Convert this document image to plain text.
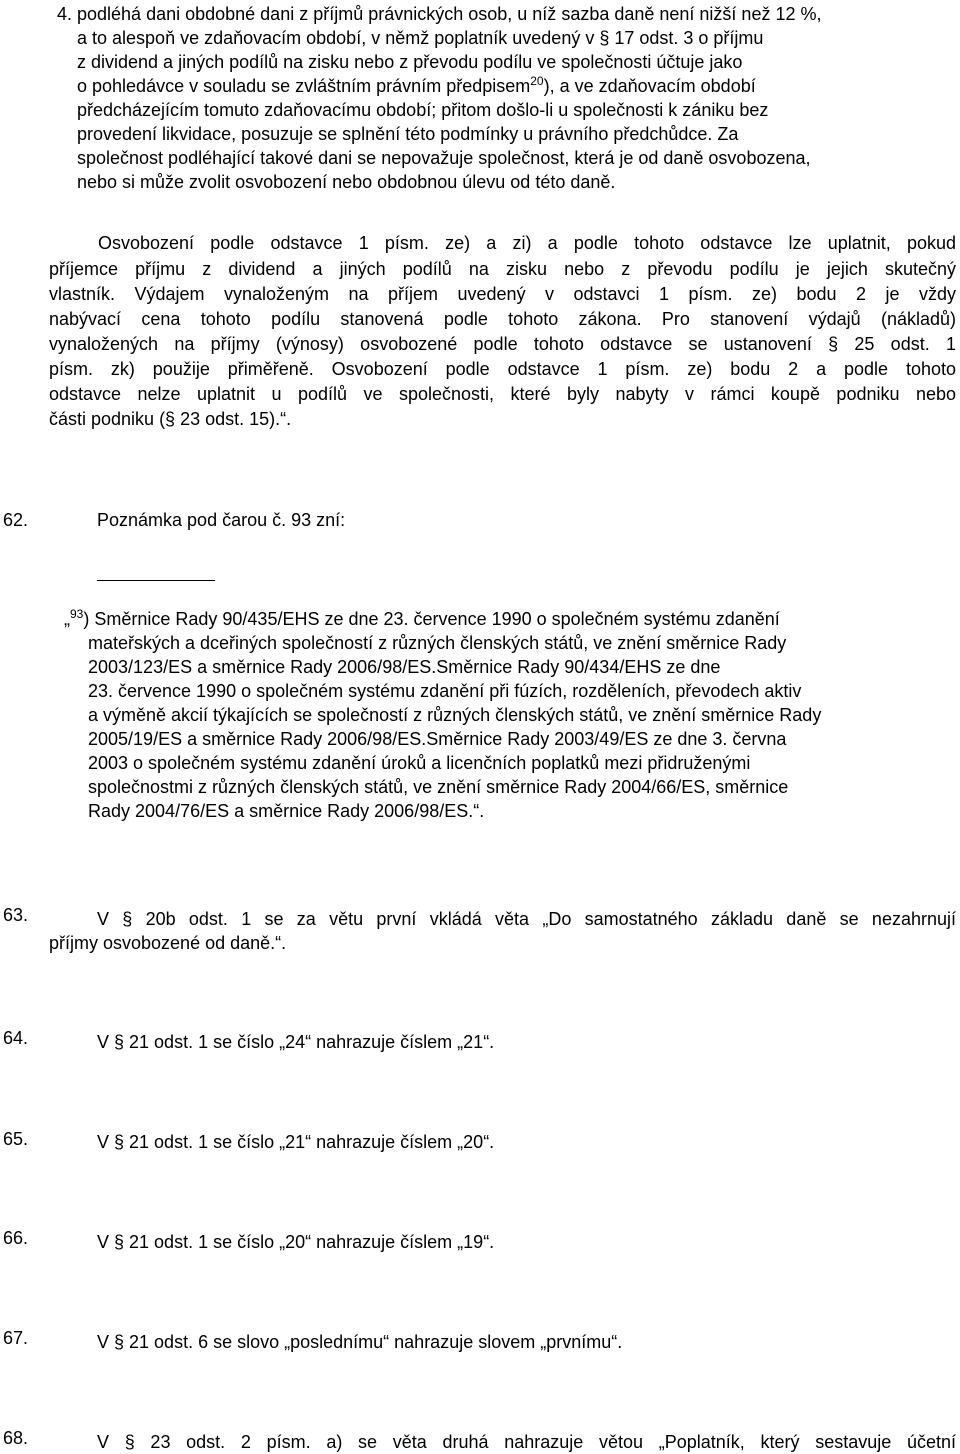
4. podléhá dani obdobné dani z příjmů právnických osob, u níž sazba daně není nižší než 12 %,
a to alespoň ve zdaňovacím období, v němž poplatník uvedený v § 17 odst. 3 o příjmu
z dividend a jiných podílů na zisku nebo z převodu podílu ve společnosti účtuje jako
o pohledávce v souladu se zvláštním právním předpisem$^{20}$), a ve zdaňovacím období
předcházejícím tomuto zdaňovacímu období; přitom došlo-li u společnosti k zániku bez
provedení likvidace, posuzuje se splnění této podmínky u právního předchůdce. Za
společnost podléhající takové dani se nepovažuje společnost, která je od daně osvobozena,
nebo si může zvolit osvobození nebo obdobnou úlevu od této daně.
Osvobození podle odstavce 1 písm. ze) a zi) a podle tohoto odstavce lze uplatnit, pokud
příjemce příjmu z dividend a jiných podílů na zisku nebo z převodu podílu je jejich skutečný
vlastník. Výdajem vynaloženým na příjem uvedený v odstavci 1 písm. ze) bodu 2 je vždy
nabývací cena tohoto podílu stanovená podle tohoto zákona. Pro stanovení výdajů (nákladů)
vynaložených na příjmy (výnosy) osvobozené podle tohoto odstavce se ustanovení § 25 odst. 1
písm. zk) použije přiměřeně. Osvobození podle odstavce 1 písm. ze) bodu 2 a podle tohoto
odstavce nelze uplatnit u podílů ve společnosti, které byly nabyty v rámci koupě podniku nebo
části podniku (§ 23 odst. 15).“.
62.	Poznámka pod čarou č. 93 zní:
„$^{93}$) Směrnice Rady 90/435/EHS ze dne 23. července 1990 o společném systému zdanění
mateřských a dceřiných společností z různých členských států, ve znění směrnice Rady
2003/123/ES a směrnice Rady 2006/98/ES.Směrnice Rady 90/434/EHS ze dne
23. července 1990 o společném systému zdanění při fúzích, rozděleních, převodech aktiv
a výměně akcií týkajících se společností z různých členských států, ve znění směrnice Rady
2005/19/ES a směrnice Rady 2006/98/ES.Směrnice Rady 2003/49/ES ze dne 3. června
2003 o společném systému zdanění úroků a licenčních poplatků mezi přidruženými
společnostmi z různých členských států, ve znění směrnice Rady 2004/66/ES, směrnice
Rady 2004/76/ES a směrnice Rady 2006/98/ES.“.
63.	V § 20b odst. 1 se za větu první vkládá věta „Do samostatného základu daně se nezahrnují
příjmy osvobozené od daně.“.
64.	V § 21 odst. 1 se číslo „24“ nahrazuje číslem „21“.
65.	V § 21 odst. 1 se číslo „21“ nahrazuje číslem „20“.
66.	V § 21 odst. 1 se číslo „20“ nahrazuje číslem „19“.
67.	V § 21 odst. 6 se slovo „poslednímu“ nahrazuje slovem „prvnímu“.
68.	V § 23 odst. 2 písm. a) se věta druhá nahrazuje větou „Poplatník, který sestavuje účetní
